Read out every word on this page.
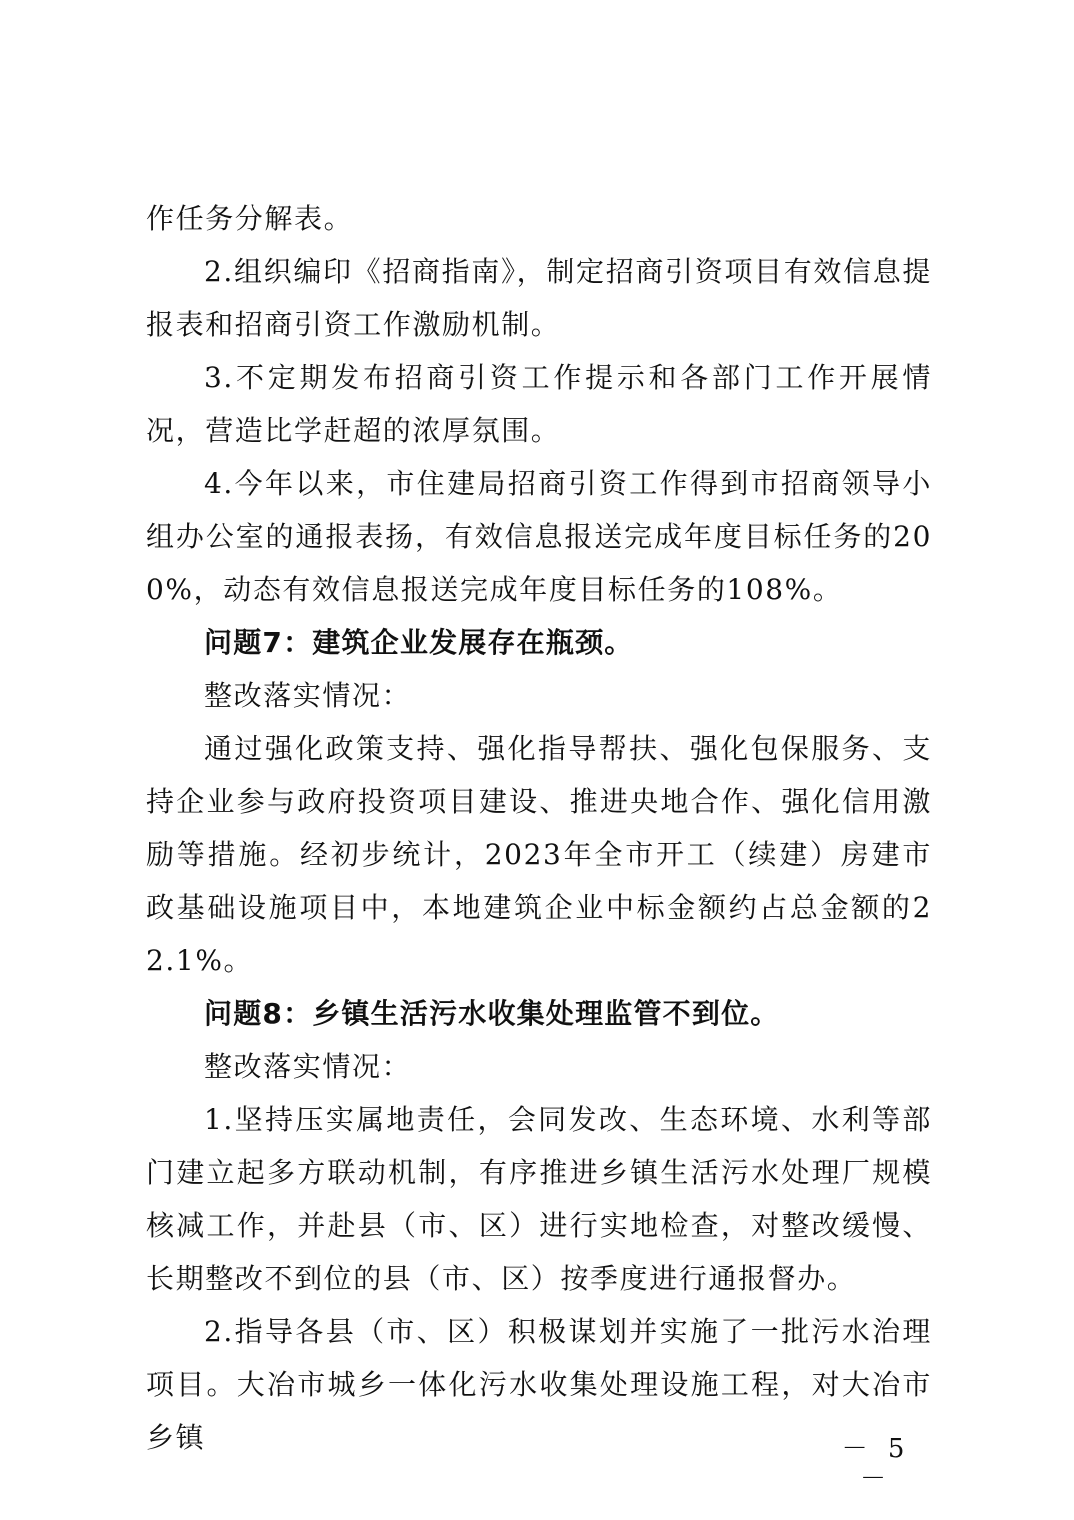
作任务分解表。

2.组织编印《招商指南》，制定招商引资项目有效信息提报表和招商引资工作激励机制。

3.不定期发布招商引资工作提示和各部门工作开展情况，营造比学赶超的浓厚氛围。

4.今年以来，市住建局招商引资工作得到市招商领导小组办公室的通报表扬，有效信息报送完成年度目标任务的200%，动态有效信息报送完成年度目标任务的108%。

问题7：建筑企业发展存在瓶颈。

整改落实情况：

通过强化政策支持、强化指导帮扶、强化包保服务、支持企业参与政府投资项目建设、推进央地合作、强化信用激励等措施。经初步统计，2023年全市开工（续建）房建市政基础设施项目中，本地建筑企业中标金额约占总金额的22.1%。

问题8：乡镇生活污水收集处理监管不到位。

整改落实情况：

1.坚持压实属地责任，会同发改、生态环境、水利等部门建立起多方联动机制，有序推进乡镇生活污水处理厂规模核减工作，并赴县（市、区）进行实地检查，对整改缓慢、长期整改不到位的县（市、区）按季度进行通报督办。

2.指导各县（市、区）积极谋划并实施了一批污水治理项目。大冶市城乡一体化污水收集处理设施工程，对大冶市乡镇	－ 5 －
